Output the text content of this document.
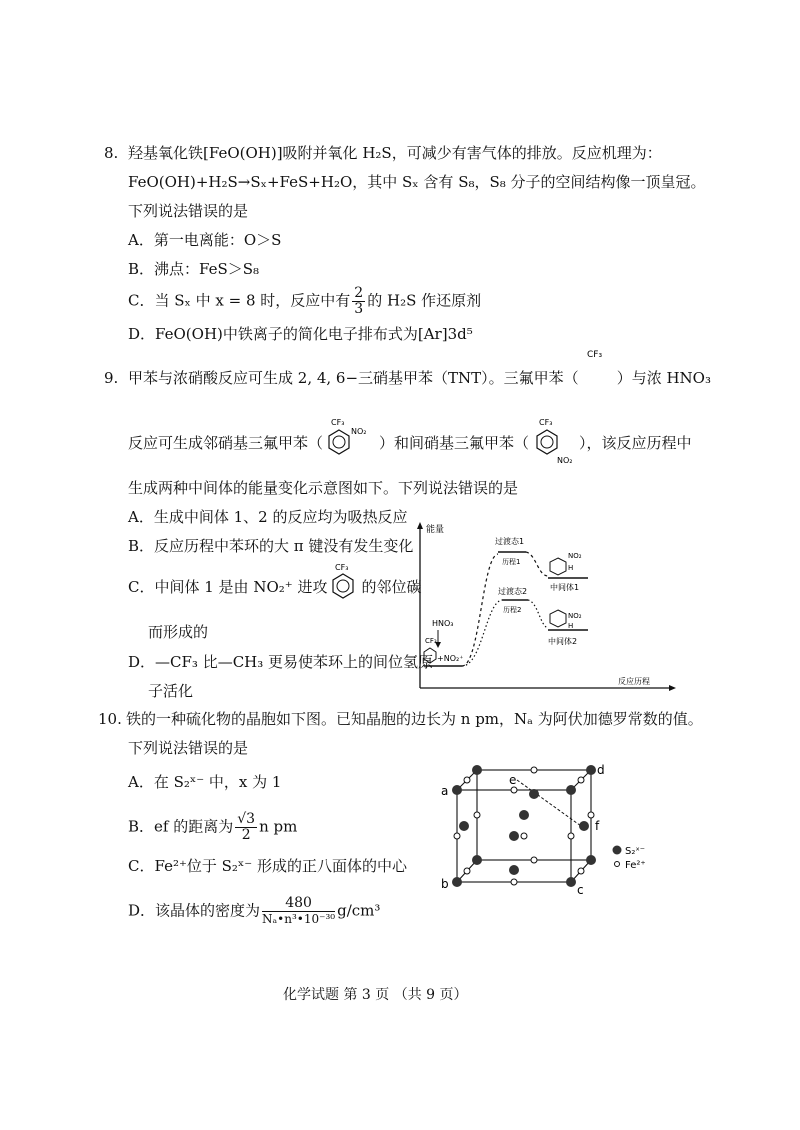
8. 羟基氧化铁[FeO(OH)]吸附并氧化 H₂S，可减少有害气体的排放。反应机理为：
FeO(OH)+H₂S→Sₓ+FeS+H₂O，其中 Sₓ 含有 S₈，S₈ 分子的空间结构像一顶皇冠。
下列说法错误的是
A．第一电离能：O＞S
B．沸点：FeS＞S₈
C．当 Sₓ 中 x = 8 时，反应中有 $\frac{2}{3}$ 的 H₂S 作还原剂
D．FeO(OH)中铁离子的简化电子排布式为[Ar]3d⁵
9. 甲苯与浓硝酸反应可生成 2, 4, 6−三硝基甲苯（TNT）。三氟甲苯（
CF₃
）与浓 HNO₃
反应可生成邻硝基三氟甲苯（
CF₃
NO₂
）和间硝基三氟甲苯（
CF₃
NO₂
），该反应历程中
生成两种中间体的能量变化示意图如下。下列说法错误的是
A．生成中间体 1、2 的反应均为吸热反应
B．反应历程中苯环的大 π 键没有发生变化
C．中间体 1 是由 NO₂⁺ 进攻
CF₃
的邻位碳
而形成的
D．—CF₃ 比—CH₃ 更易使苯环上的间位氢原
子活化
能量
反应历程
HNO₃
CF₃
+NO₂⁺
过渡态1
历程1
NO₂
H
中间体1
过渡态2
历程2
NO₂
H
中间体2
10. 铁的一种硫化物的晶胞如下图。已知晶胞的边长为 n pm，Nₐ 为阿伏加德罗常数的值。
下列说法错误的是
A．在 S₂ˣ⁻ 中，x 为 1
B．ef 的距离为 $\frac{√3}{2}$ n pm
C．Fe²⁺位于 S₂ˣ⁻ 形成的正八面体的中心
D．该晶体的密度为 $\frac{480}{\text{Nₐ•n³•10⁻³⁰}} g/cm^3$
a
b
e
d
c
f
S₂ˣ⁻
Fe²⁺
化学试题 第 3 页 （共 9 页）
